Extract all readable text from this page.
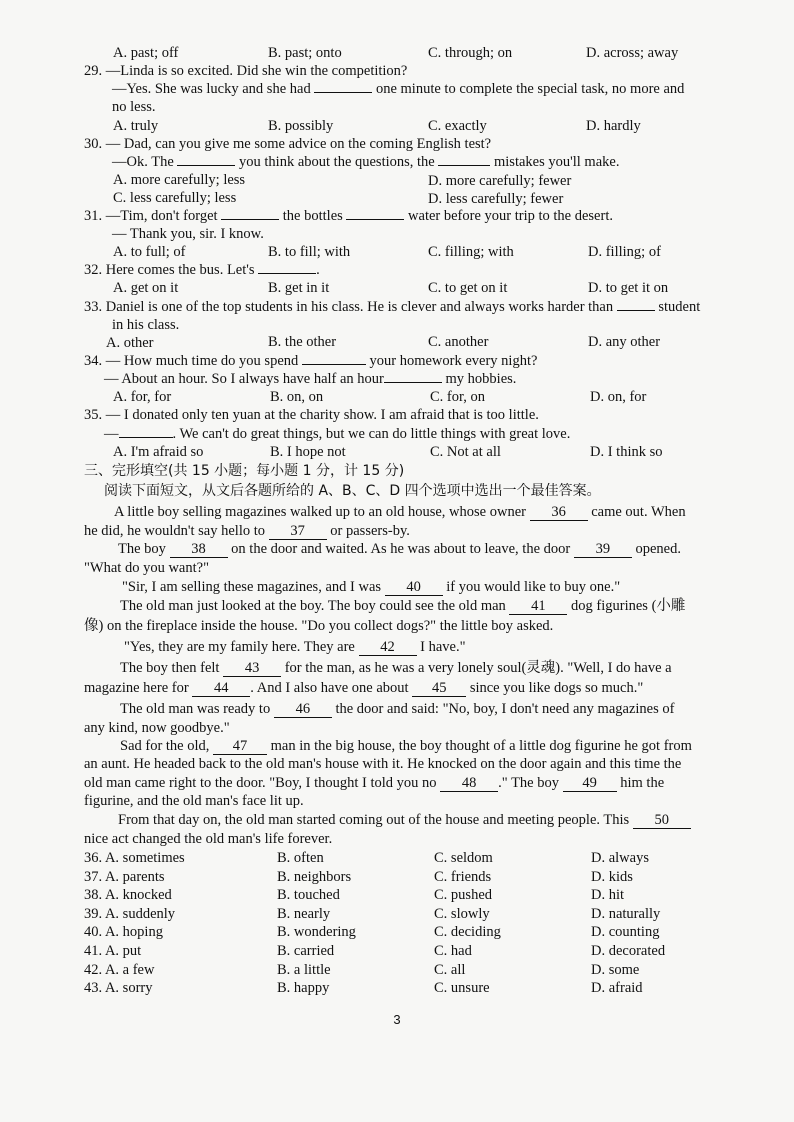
A. past; off	B. past; onto	C. through; on	D. across; away
29. —Linda is so excited. Did she win the competition?
—Yes. She was lucky and she had	one minute to complete the special task, no more and
no less.
A. truly	B. possibly	C. exactly	D. hardly
30. — Dad, can you give me some advice on the coming English test?
—Ok. The	you think about the questions, the	mistakes you'll make.
A. more carefully; less	D. more carefully; fewer
C. less carefully; less	D. less carefully; fewer
31. —Tim, don't forget	the bottles	water before your trip to the desert.
— Thank you, sir. I know.
A. to full; of	B. to fill; with	C. filling; with	D. filling; of
32. Here comes the bus. Let's	.
A. get on it	B. get in it	C. to get on it	D. to get it on
33. Daniel is one of the top students in his class. He is clever and always works harder than	student
in his class.
A. other	B. the other	C. another	D. any other
34. — How much time do you spend	your homework every night?
— About an hour. So I always have half an hour	my hobbies.
A. for, for	B. on, on	C. for, on	D. on, for
35. — I donated only ten yuan at the charity show. I am afraid that is too little.
—	. We can't do great things, but we can do little things with great love.
A. I'm afraid so	B. I hope not	C. Not at all	D. I think so
三、完形填空(共 15 小题；每小题 1 分，计 15 分)
阅读下面短文，从文后各题所给的 A、B、C、D 四个选项中选出一个最佳答案。
A little boy selling magazines walked up to an old house, whose owner 36 came out. When
he did, he wouldn't say hello to 37 or passers-by.
The boy 38 on the door and waited. As he was about to leave, the door 39 opened.
"What do you want?"
"Sir, I am selling these magazines, and I was 40 if you would like to buy one."
The old man just looked at the boy. The boy could see the old man 41 dog figurines (小雕
像) on the fireplace inside the house. "Do you collect dogs?" the little boy asked.
"Yes, they are my family here. They are 42 I have."
The boy then felt 43 for the man, as he was a very lonely soul(灵魂). "Well, I do have a
magazine here for 44 . And I also have one about 45 since you like dogs so much."
The old man was ready to 46 the door and said: "No, boy, I don't need any magazines of
any kind, now goodbye."
Sad for the old, 47 man in the big house, the boy thought of a little dog figurine he got from
an aunt. He headed back to the old man's house with it. He knocked on the door again and this time the
old man came right to the door. "Boy, I thought I told you no 48 ." The boy 49 him the
figurine, and the old man's face lit up.
From that day on, the old man started coming out of the house and meeting people. This 50
nice act changed the old man's life forever.
36. A. sometimes	B. often	C. seldom	D. always
37. A. parents	B. neighbors	C. friends	D. kids
38. A. knocked	B. touched	C. pushed	D. hit
39. A. suddenly	B. nearly	C. slowly	D. naturally
40. A. hoping	B. wondering	C. deciding	D. counting
41. A. put	B. carried	C. had	D. decorated
42. A. a few	B. a little	C. all	D. some
43. A. sorry	B. happy	C. unsure	D. afraid
3
